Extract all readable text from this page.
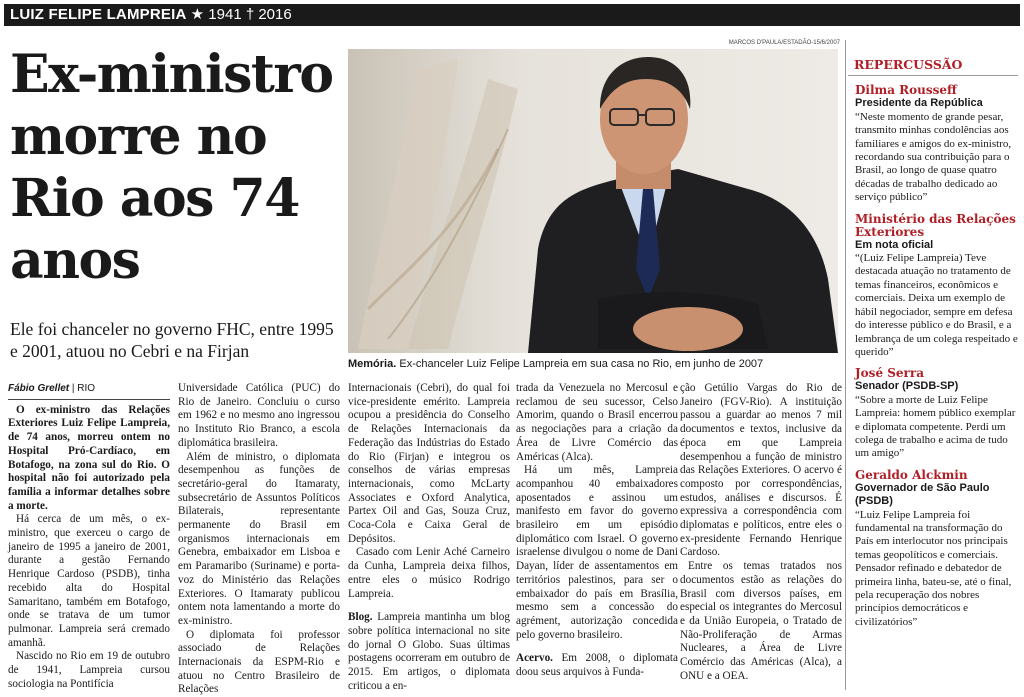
LUIZ FELIPE LAMPREIA ★ 1941 † 2016
Ex-ministro morre no Rio aos 74 anos

Ele foi chanceler no governo FHC, entre 1995 e 2001, atuou no Cebri e na Firjan

MARCOS D'PAULA/ESTADÃO-15/6/2007
Memória. Ex-chanceler Luiz Felipe Lampreia em sua casa no Rio, em junho de 2007
Fábio Grellet | RIO

O ex-ministro das Relações Exteriores Luiz Felipe Lampreia, de 74 anos, morreu ontem no Hospital Pró-Cardíaco, em Botafogo, na zona sul do Rio. O hospital não foi autorizado pela família a informar detalhes sobre a morte.

Há cerca de um mês, o ex-ministro, que exerceu o cargo de janeiro de 1995 a janeiro de 2001, durante a gestão Fernando Henrique Cardoso (PSDB), tinha recebido alta do Hospital Samaritano, também em Botafogo, onde se tratava de um tumor pulmonar. Lampreia será cremado amanhã.

Nascido no Rio em 19 de outubro de 1941, Lampreia cursou sociologia na Pontifícia

Universidade Católica (PUC) do Rio de Janeiro. Concluiu o curso em 1962 e no mesmo ano ingressou no Instituto Rio Branco, a escola diplomática brasileira.

Além de ministro, o diplomata desempenhou as funções de secretário-geral do Itamaraty, subsecretário de Assuntos Políticos Bilaterais, representante permanente do Brasil em organismos internacionais em Genebra, embaixador em Lisboa e em Paramaribo (Suriname) e porta-voz do Ministério das Relações Exteriores. O Itamaraty publicou ontem nota lamentando a morte do ex-ministro.

O diplomata foi professor associado de Relações Internacionais da ESPM-Rio e atuou no Centro Brasileiro de Relações

Internacionais (Cebri), do qual foi vice-presidente emérito. Lampreia ocupou a presidência do Conselho de Relações Internacionais da Federação das Indústrias do Estado do Rio (Firjan) e integrou os conselhos de várias empresas internacionais, como McLarty Associates e Oxford Analytica, Partex Oil and Gas, Souza Cruz, Coca-Cola e Caixa Geral de Depósitos.

Casado com Lenir Aché Carneiro da Cunha, Lampreia deixa filhos, entre eles o músico Rodrigo Lampreia.

Blog. Lampreia mantinha um blog sobre política internacional no site do jornal O Globo. Suas últimas postagens ocorreram em outubro de 2015. Em artigos, o diplomata criticou a en-

trada da Venezuela no Mercosul e reclamou de seu sucessor, Celso Amorim, quando o Brasil encerrou as negociações para a criação da Área de Livre Comércio das Américas (Alca).

Há um mês, Lampreia acompanhou 40 embaixadores aposentados e assinou um manifesto em favor do governo brasileiro em um episódio diplomático com Israel. O governo israelense divulgou o nome de Dani Dayan, líder de assentamentos em territórios palestinos, para ser o embaixador do país em Brasília, mesmo sem a concessão do agrément, autorização concedida pelo governo brasileiro.

Acervo. Em 2008, o diplomata doou seus arquivos à Funda-

ção Getúlio Vargas do Rio de Janeiro (FGV-Rio). A instituição passou a guardar ao menos 7 mil documentos e textos, inclusive da época em que Lampreia desempenhou a função de ministro das Relações Exteriores. O acervo é composto por correspondências, estudos, análises e discursos. É expressiva a correspondência com diplomatas e políticos, entre eles o ex-presidente Fernando Henrique Cardoso.

Entre os temas tratados nos documentos estão as relações do Brasil com diversos países, em especial os integrantes do Mercosul e da União Europeia, o Tratado de Não-Proliferação de Armas Nucleares, a Área de Livre Comércio das Américas (Alca), a ONU e a OEA.

REPERCUSSÃO
Dilma Rousseff
Presidente da República

“Neste momento de grande pesar, transmito minhas condolências aos familiares e amigos do ex-ministro, recordando sua contribuição para o Brasil, ao longo de quase quatro décadas de trabalho dedicado ao serviço público”

Ministério das Relações Exteriores
Em nota oficial

“(Luiz Felipe Lampreia) Teve destacada atuação no tratamento de temas financeiros, econômicos e comerciais. Deixa um exemplo de hábil negociador, sempre em defesa do interesse público e do Brasil, e a lembrança de um colega respeitado e querido”

José Serra
Senador (PSDB-SP)

“Sobre a morte de Luiz Felipe Lampreia: homem público exemplar e diplomata competente. Perdi um colega de trabalho e acima de tudo um amigo”

Geraldo Alckmin
Governador de São Paulo (PSDB)

“Luiz Felipe Lampreia foi fundamental na transformação do País em interlocutor nos principais temas geopolíticos e comerciais. Pensador refinado e debatedor de primeira linha, bateu-se, até o final, pela recuperação dos nobres princípios democráticos e civilizatórios”
